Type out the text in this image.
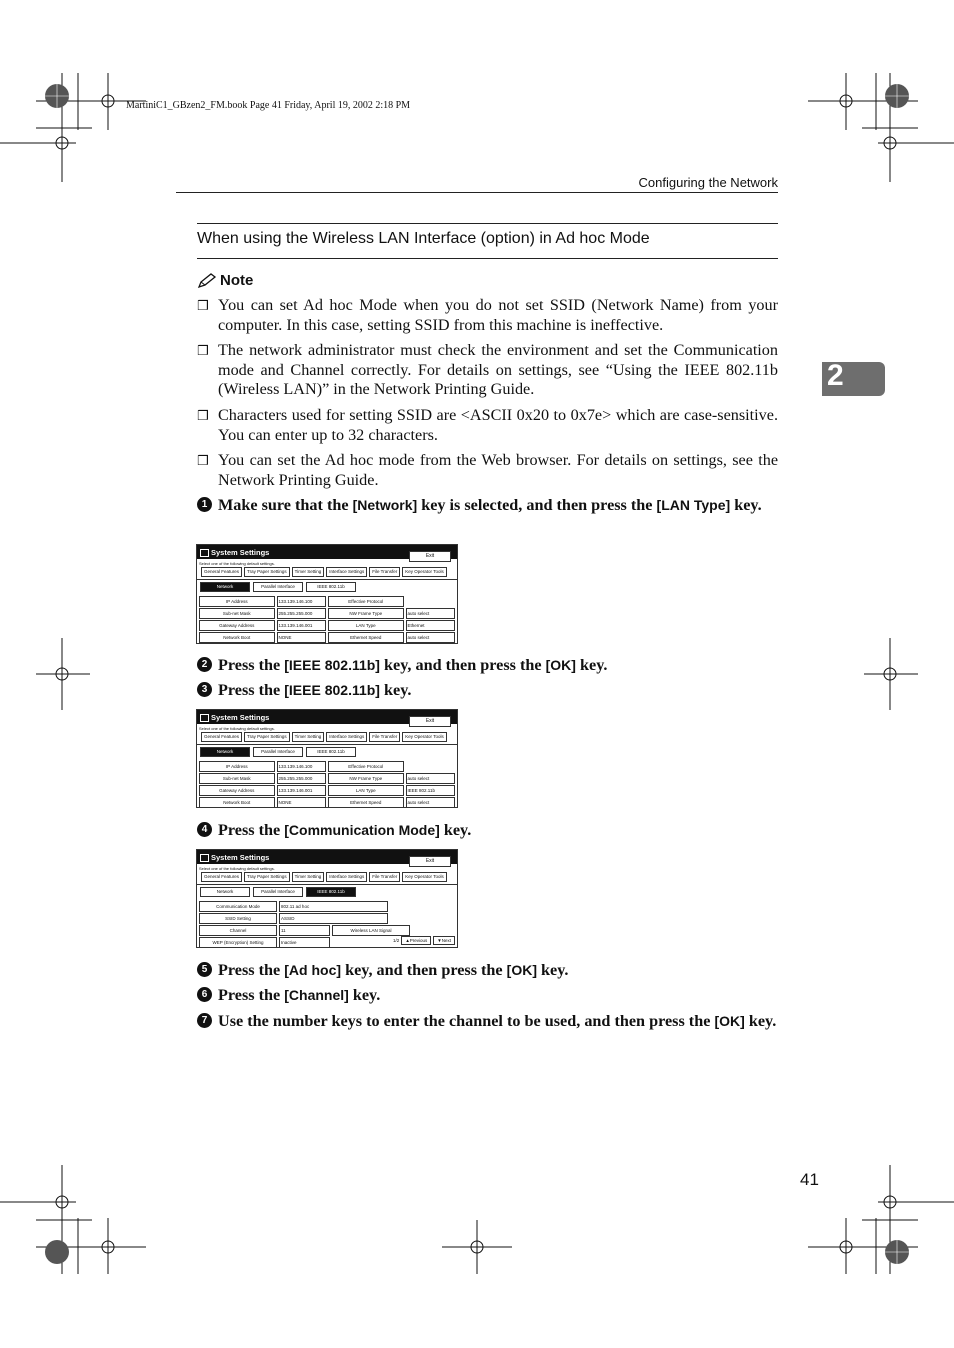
MartiniC1_GBzen2_FM.book Page 41 Friday, April 19, 2002 2:18 PM
Configuring the Network
When using the Wireless LAN Interface (option) in Ad hoc Mode
2
Note
❒ You can set Ad hoc Mode when you do not set SSID (Network Name) from your computer. In this case, setting SSID from this machine is ineffective.
❒ The network administrator must check the environment and set the Communication mode and Channel correctly. For details on settings, see “Using the IEEE 802.11b (Wireless LAN)” in the Network Printing Guide.
❒ Characters used for setting SSID are <ASCII 0x20 to 0x7e> which are case-sensitive. You can enter up to 32 characters.
❒ You can set the Ad hoc mode from the Web browser. For details on settings, see the Network Printing Guide.
1 Make sure that the [Network] key is selected, and then press the [LAN Type] key.
System Settings	Exit
Select one of the following default settings.
General Features	Tray Paper Settings	Timer Setting	Interface Settings	File Transfer	Key Operator Tools
Network	Parallel Interface	IEEE 802.11b
IP Address	133.139.146.100	Effective Protocol
Sub-net Mask	255.255.255.000	NW Frame Type	auto select
Gateway Address	133.139.146.001	LAN Type	Ethernet
Network Boot	NONE	Ethernet Speed	auto select
2 Press the [IEEE 802.11b] key, and then press the [OK] key.
3 Press the [IEEE 802.11b] key.
System Settings	Exit
Select one of the following default settings.
General Features	Tray Paper Settings	Timer Setting	Interface Settings	File Transfer	Key Operator Tools
Network	Parallel Interface	IEEE 802.11b
IP Address	133.139.146.100	Effective Protocol
Sub-net Mask	255.255.255.000	NW Frame Type	auto select
Gateway Address	133.139.146.001	LAN Type	IEEE 802.11b
Network Boot	NONE	Ethernet Speed	auto select
4 Press the [Communication Mode] key.
System Settings	Exit
Select one of the following default settings.
General Features	Tray Paper Settings	Timer Setting	Interface Settings	File Transfer	Key Operator Tools
Network	Parallel Interface	IEEE 802.11b
Communication Mode	802.11 ad hoc
SSID Setting	ASSID
Channel	11	Wireless LAN Signal
WEP (Encryption) Setting	Inactive	1/2	▲Previous	▼Next
5 Press the [Ad hoc] key, and then press the [OK] key.
6 Press the [Channel] key.
7 Use the number keys to enter the channel to be used, and then press the [OK] key.
41
